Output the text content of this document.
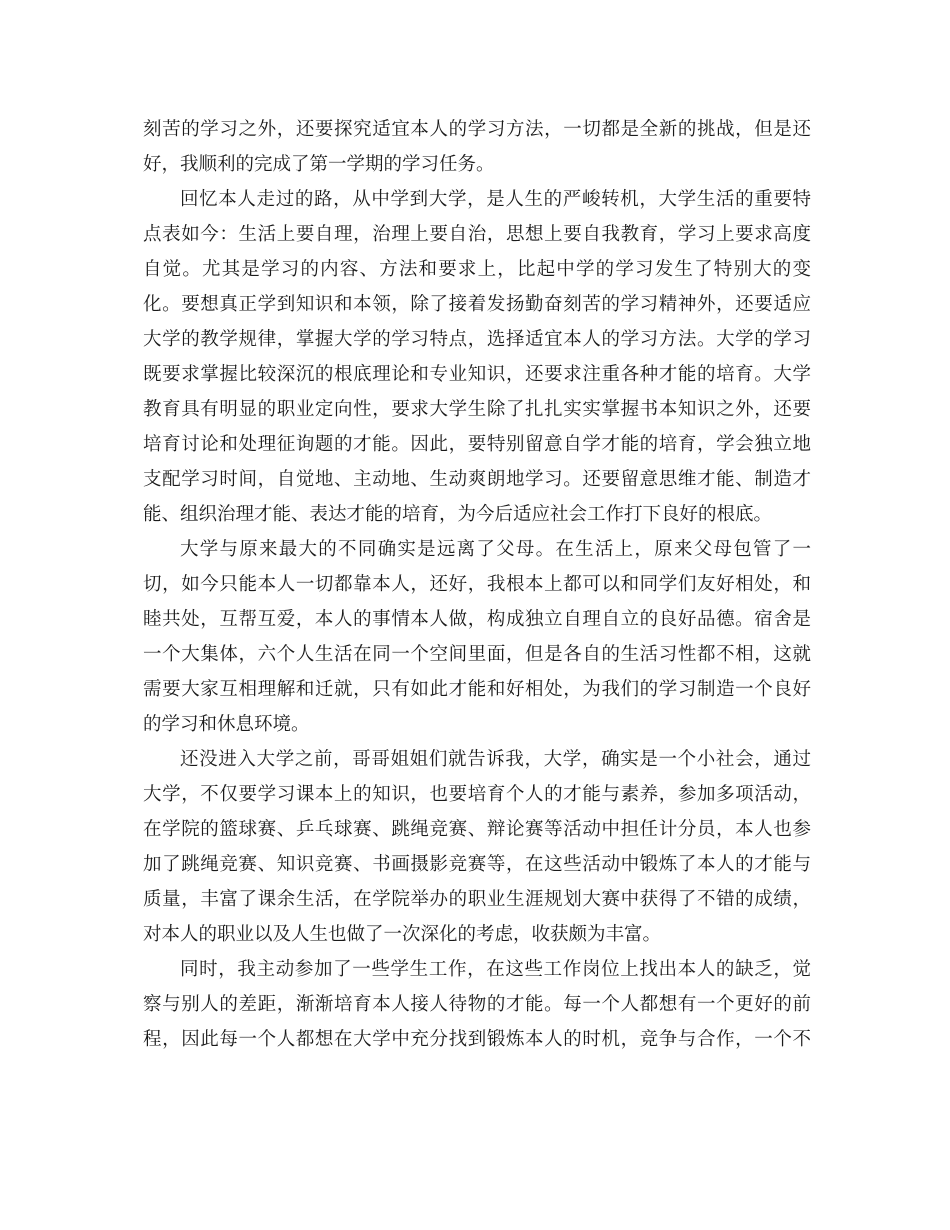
刻苦的学习之外，还要探究适宜本人的学习方法，一切都是全新的挑战，但是还
好，我顺利的完成了第一学期的学习任务。
回忆本人走过的路，从中学到大学，是人生的严峻转机，大学生活的重要特
点表如今：生活上要自理，治理上要自治，思想上要自我教育，学习上要求高度
自觉。尤其是学习的内容、方法和要求上，比起中学的学习发生了特别大的变
化。要想真正学到知识和本领，除了接着发扬勤奋刻苦的学习精神外，还要适应
大学的教学规律，掌握大学的学习特点，选择适宜本人的学习方法。大学的学习
既要求掌握比较深沉的根底理论和专业知识，还要求注重各种才能的培育。大学
教育具有明显的职业定向性，要求大学生除了扎扎实实掌握书本知识之外，还要
培育讨论和处理征询题的才能。因此，要特别留意自学才能的培育，学会独立地
支配学习时间，自觉地、主动地、生动爽朗地学习。还要留意思维才能、制造才
能、组织治理才能、表达才能的培育，为今后适应社会工作打下良好的根底。
大学与原来最大的不同确实是远离了父母。在生活上，原来父母包管了一
切，如今只能本人一切都靠本人，还好，我根本上都可以和同学们友好相处，和
睦共处，互帮互爱，本人的事情本人做，构成独立自理自立的良好品德。宿舍是
一个大集体，六个人生活在同一个空间里面，但是各自的生活习性都不相，这就
需要大家互相理解和迁就，只有如此才能和好相处，为我们的学习制造一个良好
的学习和休息环境。
还没进入大学之前，哥哥姐姐们就告诉我，大学，确实是一个小社会，通过
大学，不仅要学习课本上的知识，也要培育个人的才能与素养，参加多项活动，
在学院的篮球赛、乒乓球赛、跳绳竞赛、辩论赛等活动中担任计分员，本人也参
加了跳绳竞赛、知识竞赛、书画摄影竞赛等，在这些活动中锻炼了本人的才能与
质量，丰富了课余生活，在学院举办的职业生涯规划大赛中获得了不错的成绩，
对本人的职业以及人生也做了一次深化的考虑，收获颇为丰富。
同时，我主动参加了一些学生工作，在这些工作岗位上找出本人的缺乏，觉
察与别人的差距，渐渐培育本人接人待物的才能。每一个人都想有一个更好的前
程，因此每一个人都想在大学中充分找到锻炼本人的时机，竞争与合作，一个不
